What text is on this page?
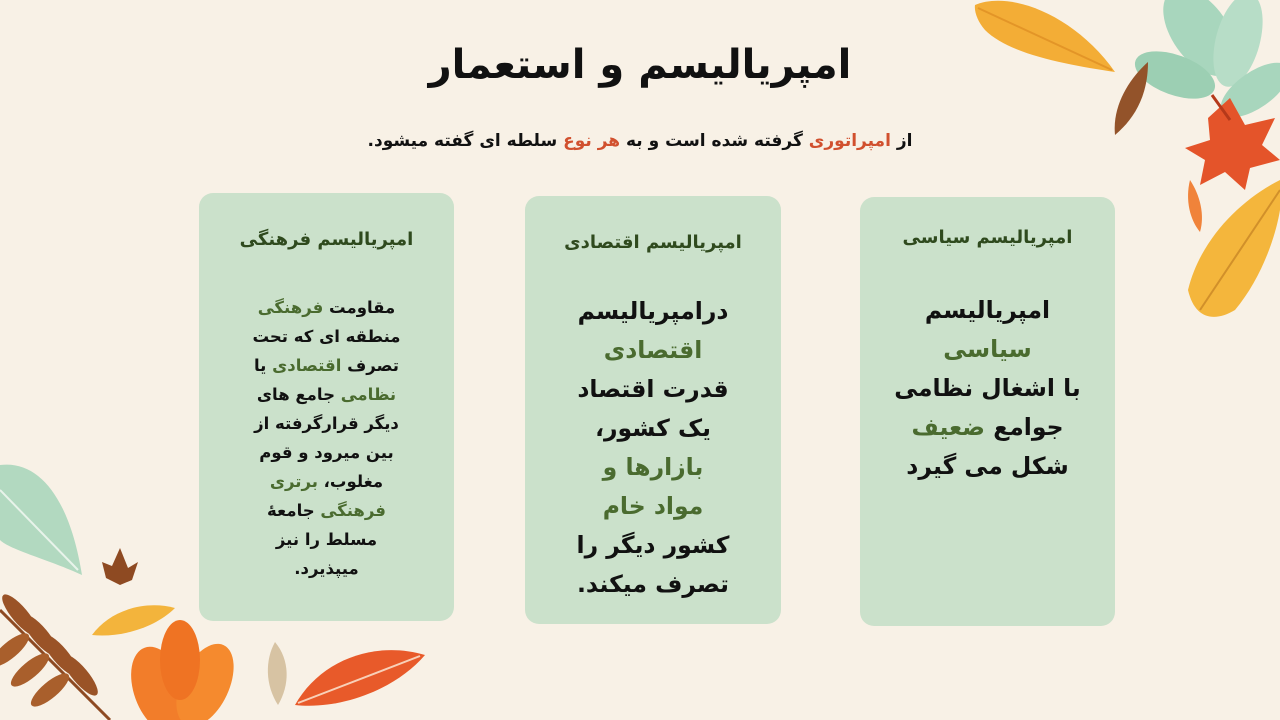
امپریالیسم و استعمار

از امپراتوری گرفته شده است و به هر نوع سلطه ای گفته میشود.

امپریالیسم سیاسی
امپریالیسم
سیاسی
با اشغال نظامی
جوامع ضعیف
شکل می گیرد
امپریالیسم اقتصادی
درامپریالیسم
اقتصادی
قدرت اقتصاد
یک کشور،
بازارها و
مواد خام
کشور دیگر را
تصرف میکند.
امپریالیسم فرهنگی
مقاومت فرهنگی
منطقه ای که تحت
تصرف اقتصادی یا
نظامی جامع های
دیگر قرارگرفته از
بین میرود و قوم
مغلوب، برتری
فرهنگی جامعۀ
مسلط را نیز
میپذیرد.
